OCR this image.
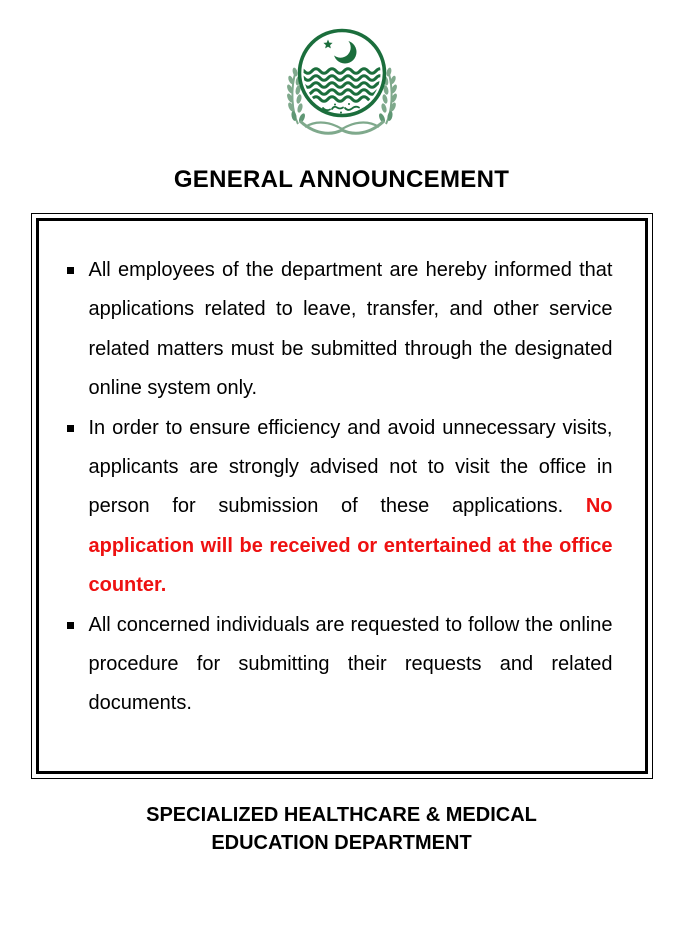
GENERAL ANNOUNCEMENT
All employees of the department are hereby informed that applications related to leave, transfer, and other service related matters must be submitted through the designated online system only.
In order to ensure efficiency and avoid unnecessary visits, applicants are strongly advised not to visit the office in person for submission of these applications. No application will be received or entertained at the office counter.
All concerned individuals are requested to follow the online procedure for submitting their requests and related documents.
SPECIALIZED HEALTHCARE & MEDICAL
EDUCATION DEPARTMENT
